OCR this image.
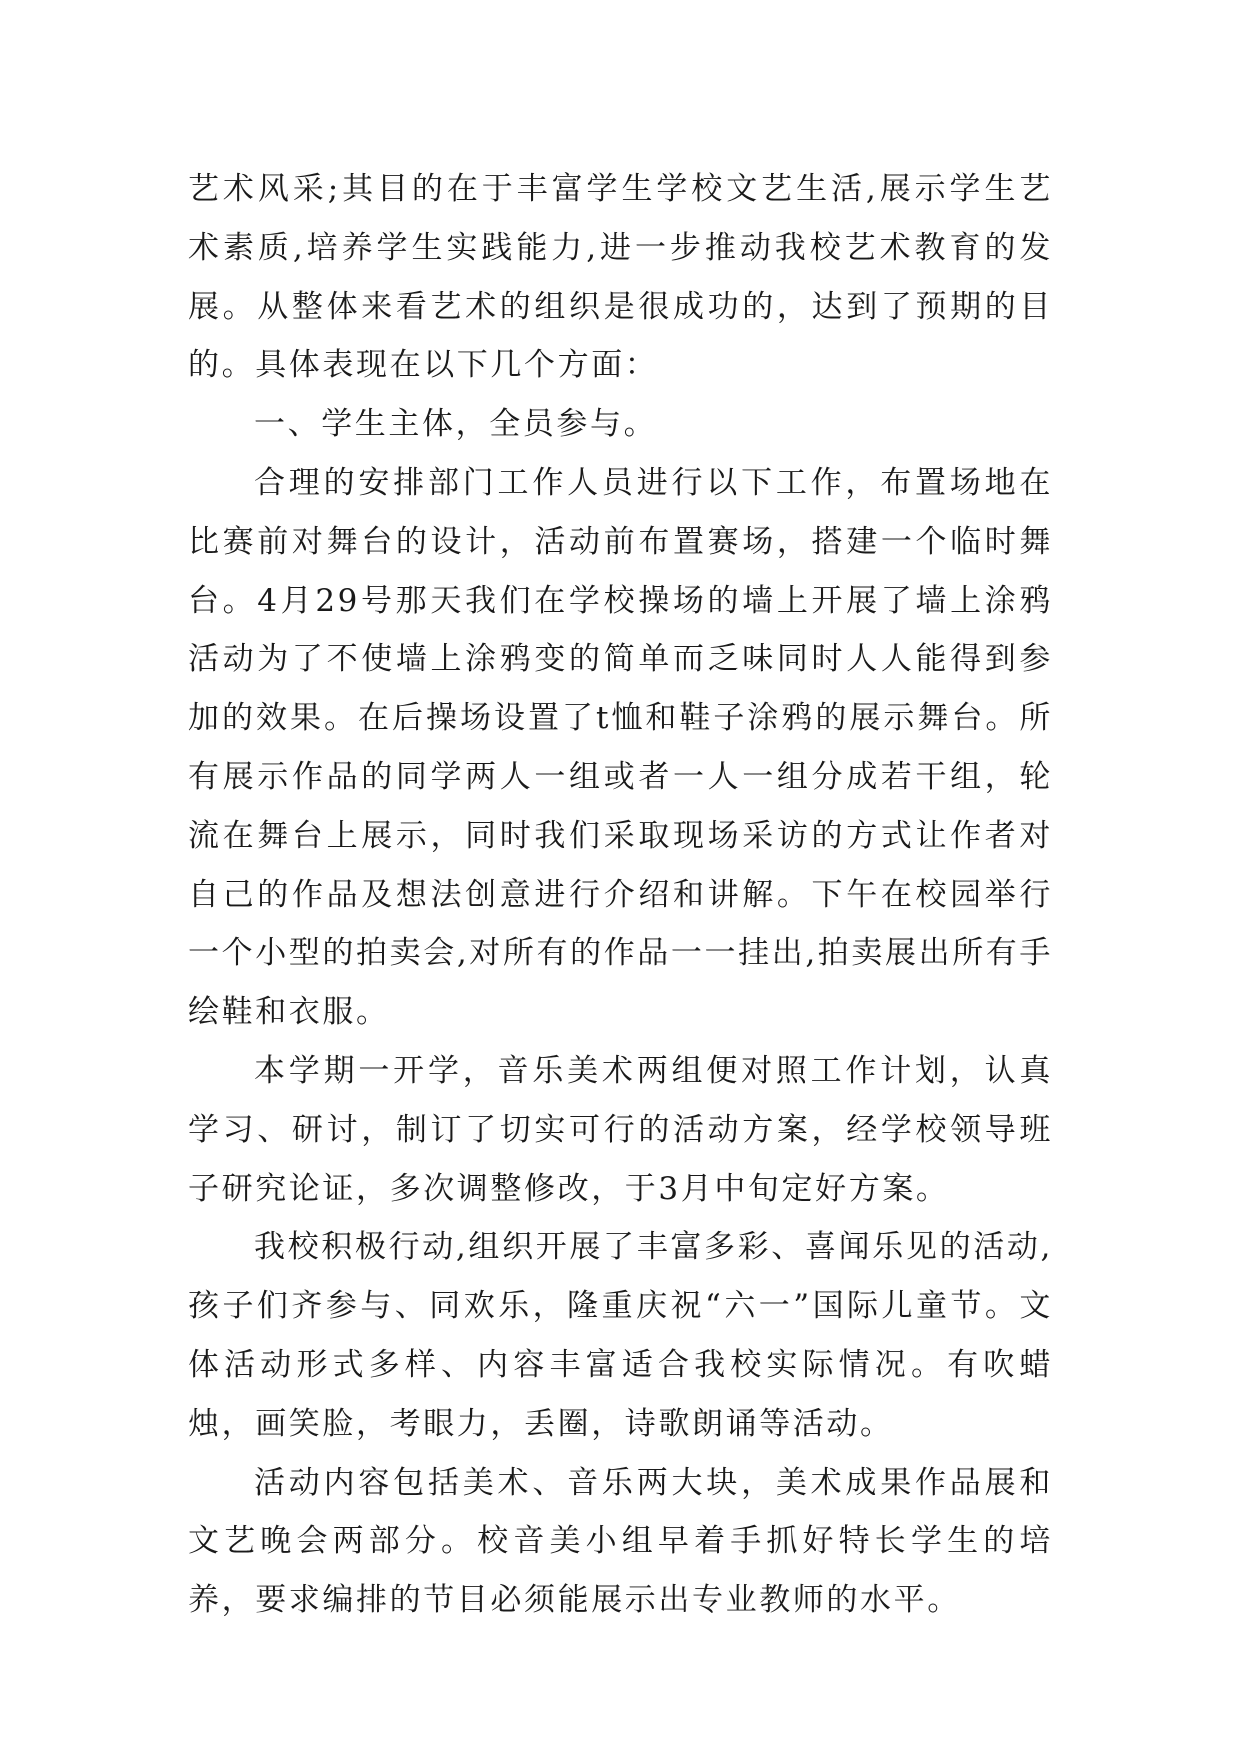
艺术风采;其目的在于丰富学生学校文艺生活,展示学生艺术素质,培养学生实践能力,进一步推动我校艺术教育的发展。从整体来看艺术的组织是很成功的，达到了预期的目的。具体表现在以下几个方面：

一、学生主体，全员参与。

合理的安排部门工作人员进行以下工作，布置场地在比赛前对舞台的设计，活动前布置赛场，搭建一个临时舞台。4月29号那天我们在学校操场的墙上开展了墙上涂鸦活动为了不使墙上涂鸦变的简单而乏味同时人人能得到参加的效果。在后操场设置了t恤和鞋子涂鸦的展示舞台。所有展示作品的同学两人一组或者一人一组分成若干组，轮流在舞台上展示，同时我们采取现场采访的方式让作者对自己的作品及想法创意进行介绍和讲解。下午在校园举行一个小型的拍卖会,对所有的作品一一挂出,拍卖展出所有手绘鞋和衣服。

本学期一开学，音乐美术两组便对照工作计划，认真学习、研讨，制订了切实可行的活动方案，经学校领导班子研究论证，多次调整修改，于3月中旬定好方案。

我校积极行动,组织开展了丰富多彩、喜闻乐见的活动,孩子们齐参与、同欢乐，隆重庆祝“六一”国际儿童节。文体活动形式多样、内容丰富适合我校实际情况。有吹蜡烛，画笑脸，考眼力，丢圈，诗歌朗诵等活动。

活动内容包括美术、音乐两大块，美术成果作品展和文艺晚会两部分。校音美小组早着手抓好特长学生的培养，要求编排的节目必须能展示出专业教师的水平。
